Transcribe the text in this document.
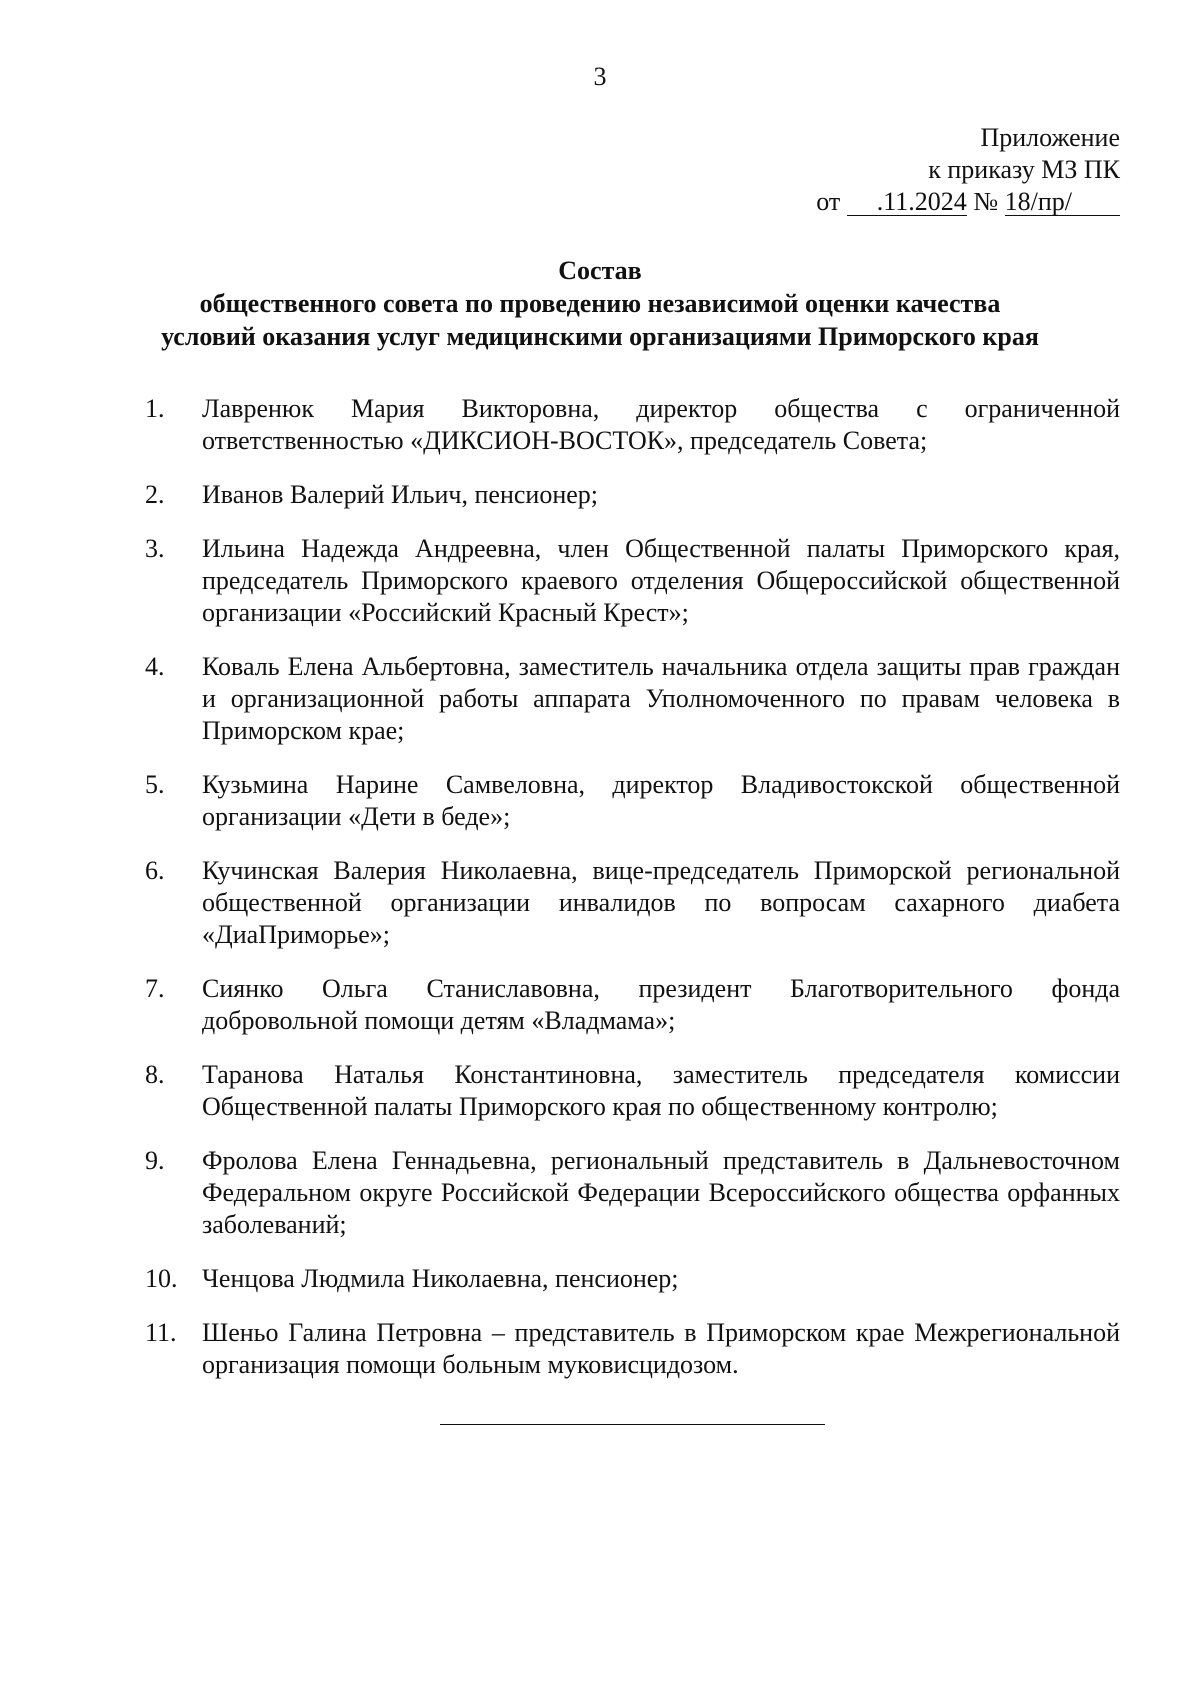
3
Приложение
к приказу МЗ ПК
от .11.2024 № 18/пр/
Состав
общественного совета по проведению независимой оценки качества
условий оказания услуг медицинскими организациями Приморского края
1.	Лавренюк Мария Викторовна, директор общества с ограниченной ответственностью «ДИКСИОН-ВОСТОК», председатель Совета;
2.	Иванов Валерий Ильич, пенсионер;
3.	Ильина Надежда Андреевна, член Общественной палаты Приморского края, председатель Приморского краевого отделения Общероссийской общественной организации «Российский Красный Крест»;
4.	Коваль Елена Альбертовна, заместитель начальника отдела защиты прав граждан и организационной работы аппарата Уполномоченного по правам человека в Приморском крае;
5.	Кузьмина Нарине Самвеловна, директор Владивостокской общественной организации «Дети в беде»;
6.	Кучинская Валерия Николаевна, вице-председатель Приморской региональной общественной организации инвалидов по вопросам сахарного диабета «ДиаПриморье»;
7.	Сиянко Ольга Станиславовна, президент Благотворительного фонда добровольной помощи детям «Владмама»;
8.	Таранова Наталья Константиновна, заместитель председателя комиссии Общественной палаты Приморского края по общественному контролю;
9.	Фролова Елена Геннадьевна, региональный представитель в Дальневосточном Федеральном округе Российской Федерации Всероссийского общества орфанных заболеваний;
10. Ченцова Людмила Николаевна, пенсионер;
11. Шеньо Галина Петровна – представитель в Приморском крае Межрегиональной организация помощи больным муковисцидозом.
